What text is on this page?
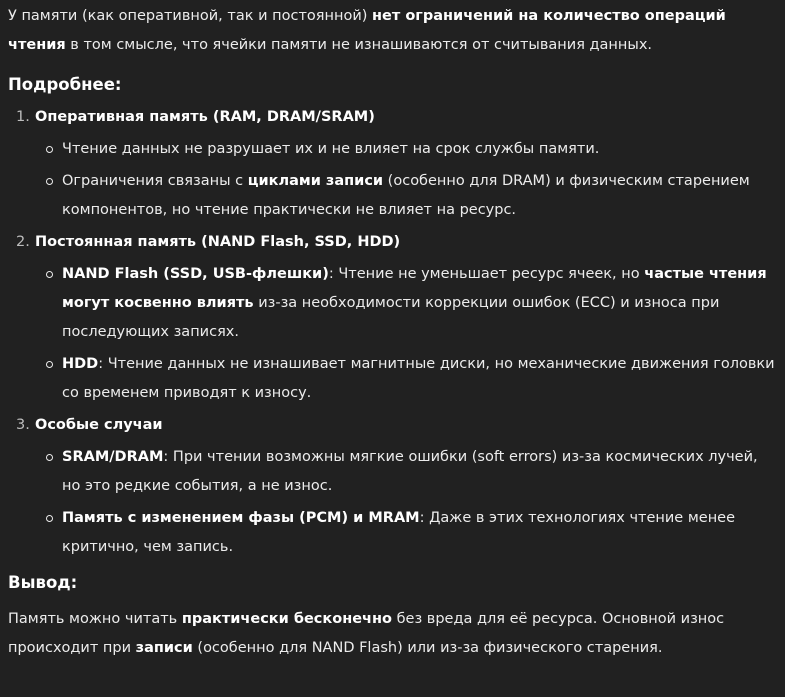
У памяти (как оперативной, так и постоянной) нет ограничений на количество операций чтения в том смысле, что ячейки памяти не изнашиваются от считывания данных.

Подробнее:
1. Оперативная память (RAM, DRAM/SRAM)
Чтение данных не разрушает их и не влияет на срок службы памяти.
Ограничения связаны с циклами записи (особенно для DRAM) и физическим старением компонентов, но чтение практически не влияет на ресурс.
2. Постоянная память (NAND Flash, SSD, HDD)
NAND Flash (SSD, USB-флешки): Чтение не уменьшает ресурс ячеек, но частые чтения могут косвенно влиять из-за необходимости коррекции ошибок (ECC) и износа при последующих записях.
HDD: Чтение данных не изнашивает магнитные диски, но механические движения головки со временем приводят к износу.
3. Особые случаи
SRAM/DRAM: При чтении возможны мягкие ошибки (soft errors) из-за космических лучей, но это редкие события, а не износ.
Память с изменением фазы (PCM) и MRAM: Даже в этих технологиях чтение менее критично, чем запись.
Вывод:

Память можно читать практически бесконечно без вреда для её ресурса. Основной износ происходит при записи (особенно для NAND Flash) или из-за физического старения.
